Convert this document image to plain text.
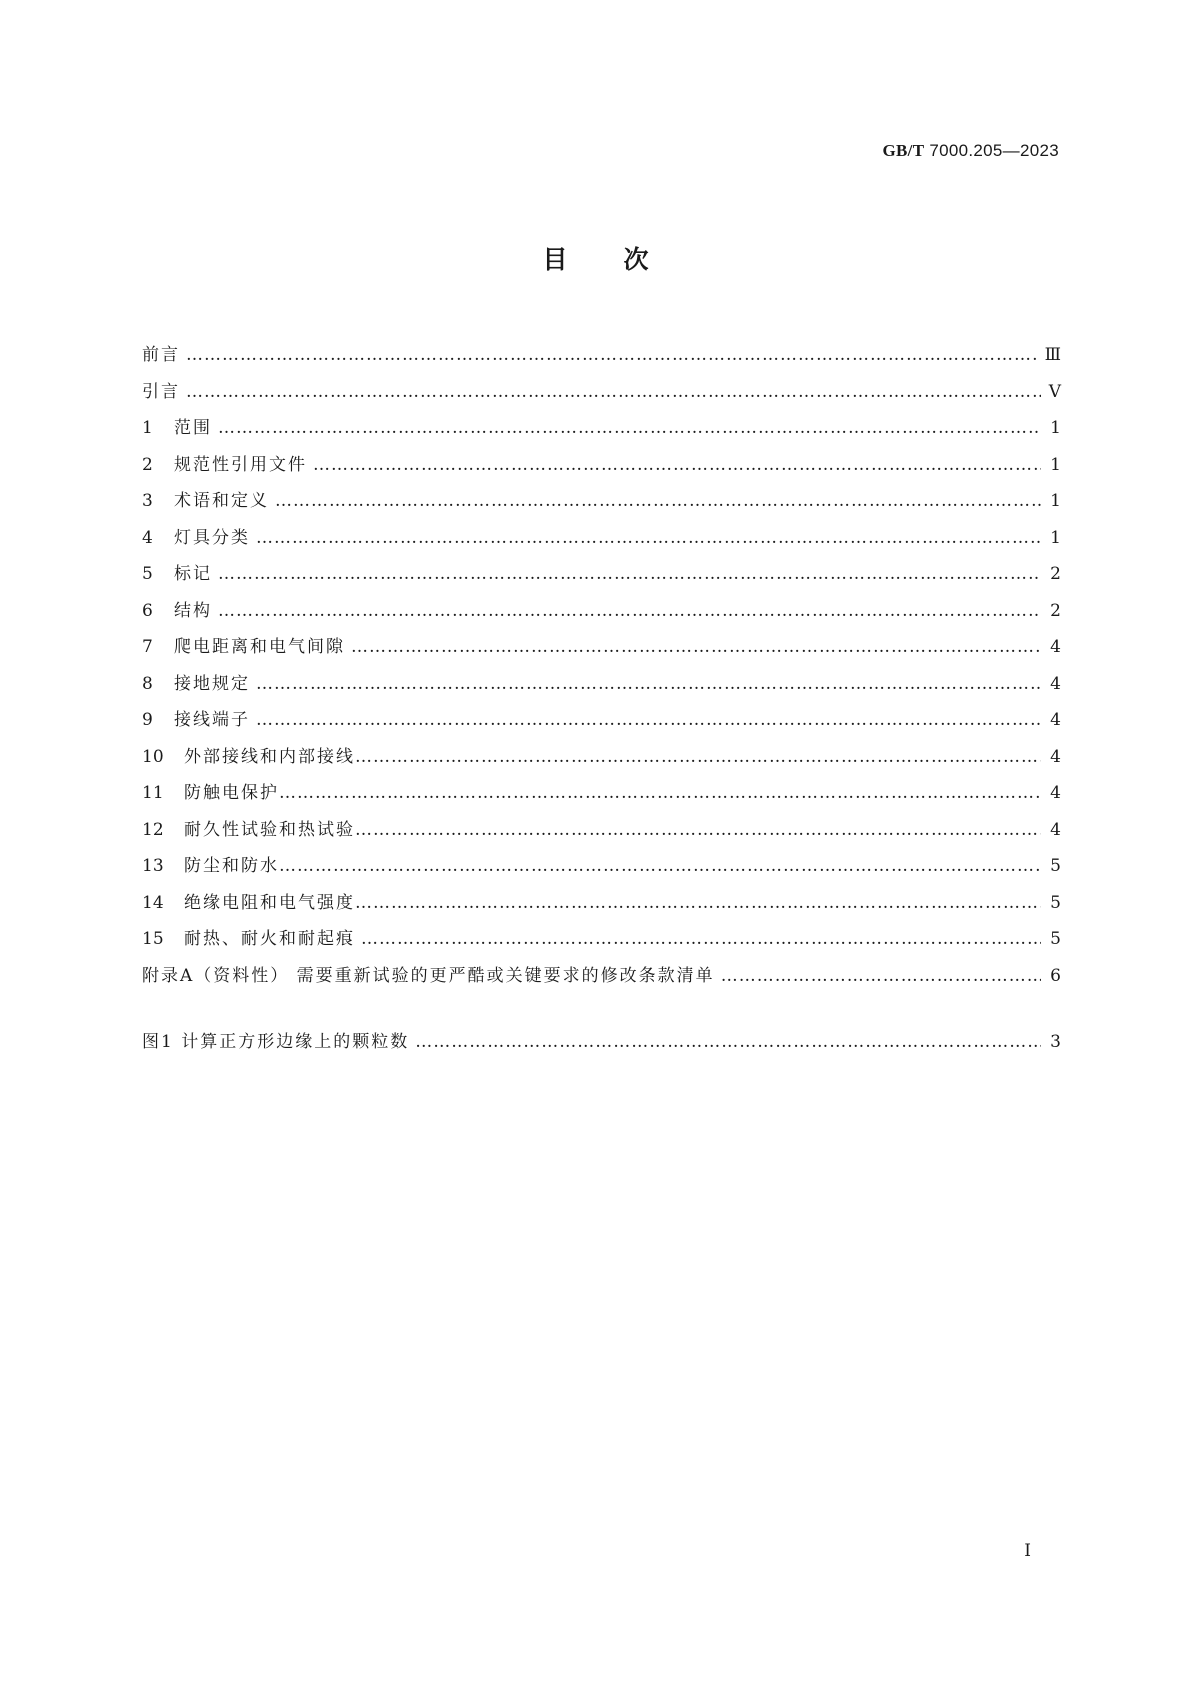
GB/T 7000.205—2023
目次
前言 …………………………………………………………………………………………………………………………………………………………………………………………………………………………………………………………	Ⅲ
引言 …………………………………………………………………………………………………………………………………………………………………………………………………………………………………………………………	Ⅴ
1	范围 …………………………………………………………………………………………………………………………………………………………………………………………………………………………………………………………	1
2	规范性引用文件 …………………………………………………………………………………………………………………………………………………………………………………………………………………………………………………………	1
3	术语和定义 …………………………………………………………………………………………………………………………………………………………………………………………………………………………………………………………	1
4	灯具分类 …………………………………………………………………………………………………………………………………………………………………………………………………………………………………………………………	1
5	标记 …………………………………………………………………………………………………………………………………………………………………………………………………………………………………………………………	2
6	结构 …………………………………………………………………………………………………………………………………………………………………………………………………………………………………………………………	2
7	爬电距离和电气间隙 …………………………………………………………………………………………………………………………………………………………………………………………………………………………………………………………	4
8	接地规定 …………………………………………………………………………………………………………………………………………………………………………………………………………………………………………………………	4
9	接线端子 …………………………………………………………………………………………………………………………………………………………………………………………………………………………………………………………	4
10	外部接线和内部接线 …………………………………………………………………………………………………………………………………………………………………………………………………………………………………………………………	4
11	防触电保护 …………………………………………………………………………………………………………………………………………………………………………………………………………………………………………………………	4
12	耐久性试验和热试验 …………………………………………………………………………………………………………………………………………………………………………………………………………………………………………………………	4
13	防尘和防水 …………………………………………………………………………………………………………………………………………………………………………………………………………………………………………………………	5
14	绝缘电阻和电气强度 …………………………………………………………………………………………………………………………………………………………………………………………………………………………………………………………	5
15	耐热、耐火和耐起痕 …………………………………………………………………………………………………………………………………………………………………………………………………………………………………………………………	5
附录A（资料性） 需要重新试验的更严酷或关键要求的修改条款清单 …………………………………………………………………………………………………………………………………………………………………………………………………………………………………………………………	6
图1 计算正方形边缘上的颗粒数 …………………………………………………………………………………………………………………………………………………………………………………………………………………………………………………………	3
Ⅰ
